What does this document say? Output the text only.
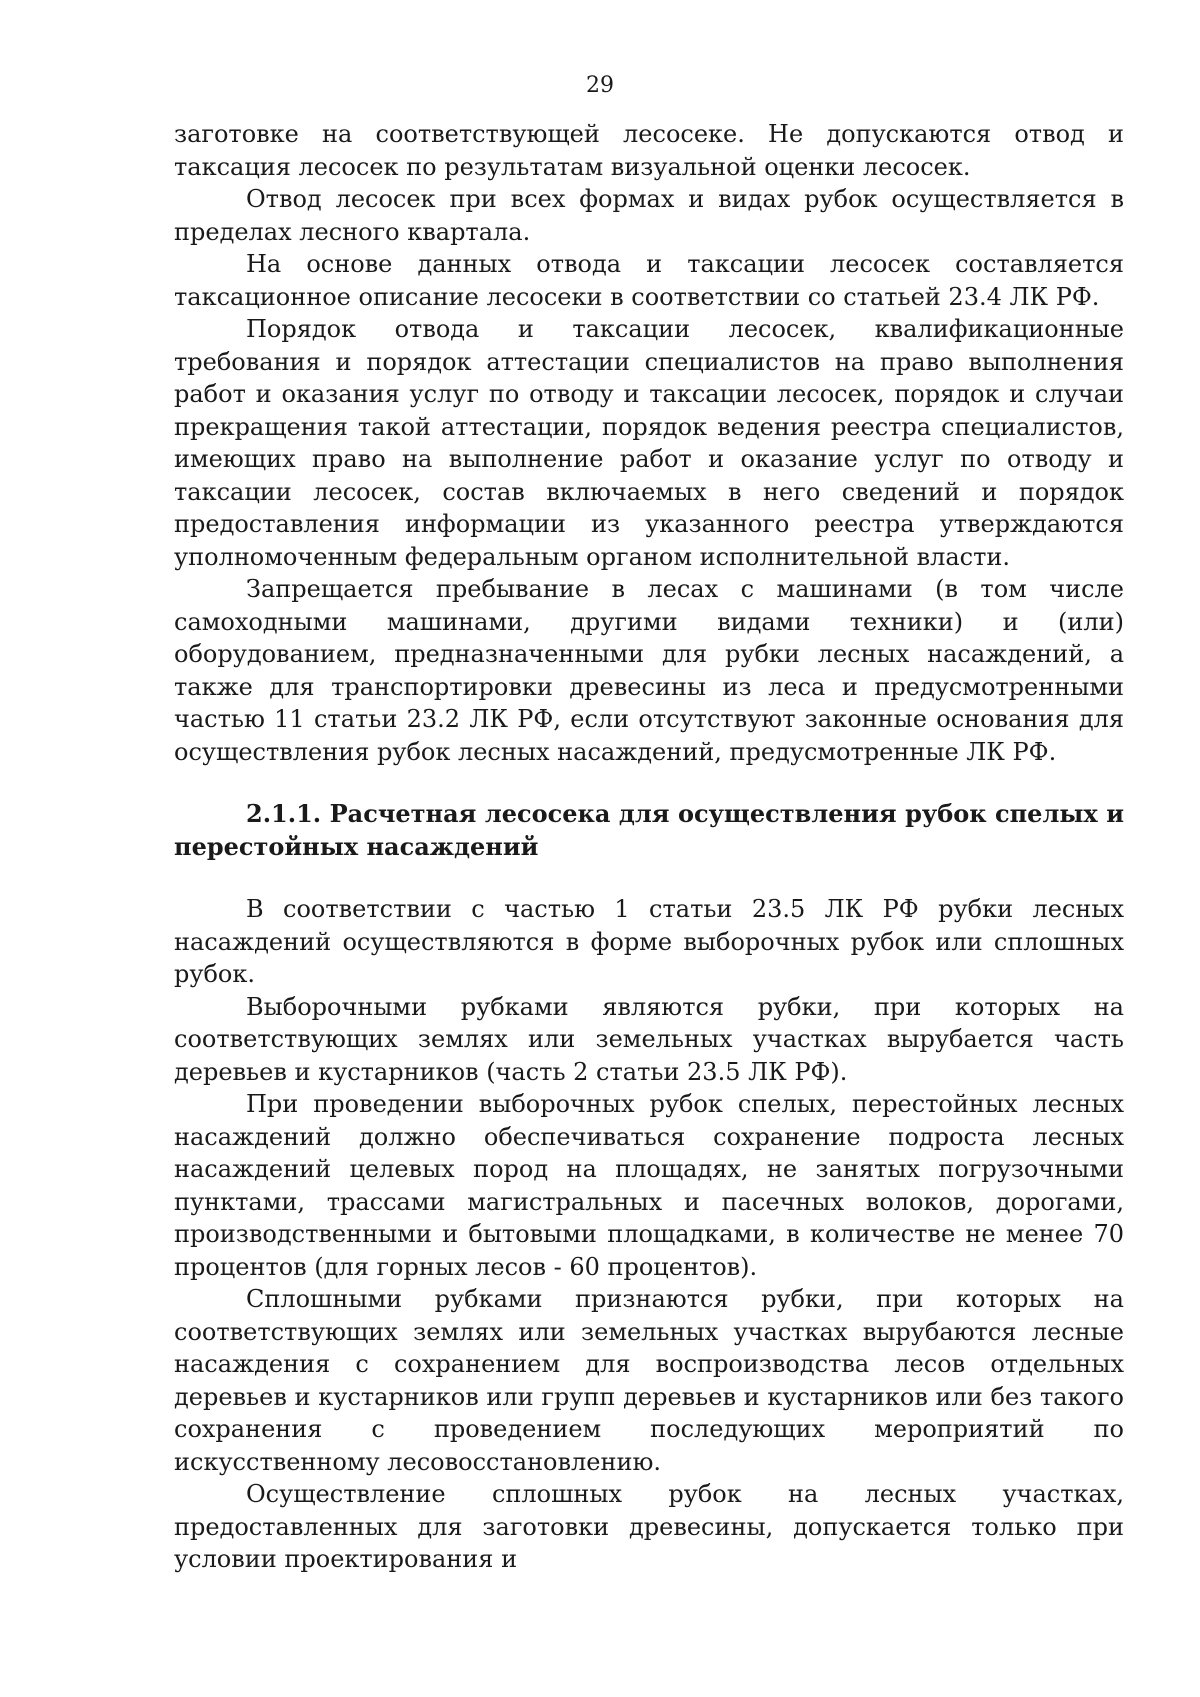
29

заготовке на соответствующей лесосеке. Не допускаются отвод и таксация лесосек по результатам визуальной оценки лесосек.

Отвод лесосек при всех формах и видах рубок осуществляется в пределах лесного квартала.

На основе данных отвода и таксации лесосек составляется таксационное описание лесосеки в соответствии со статьей 23.4 ЛК РФ.

Порядок отвода и таксации лесосек, квалификационные требования и порядок аттестации специалистов на право выполнения работ и оказания услуг по отводу и таксации лесосек, порядок и случаи прекращения такой аттестации, порядок ведения реестра специалистов, имеющих право на выполнение работ и оказание услуг по отводу и таксации лесосек, состав включаемых в него сведений и порядок предоставления информации из указанного реестра утверждаются уполномоченным федеральным органом исполнительной власти.

Запрещается пребывание в лесах с машинами (в том числе самоходными машинами, другими видами техники) и (или) оборудованием, предназначенными для рубки лесных насаждений, а также для транспортировки древесины из леса и предусмотренными частью 11 статьи 23.2 ЛК РФ, если отсутствуют законные основания для осуществления рубок лесных насаждений, предусмотренные ЛК РФ.

2.1.1. Расчетная лесосека для осуществления рубок спелых и перестойных насаждений

В соответствии с частью 1 статьи 23.5 ЛК РФ рубки лесных насаждений осуществляются в форме выборочных рубок или сплошных рубок.

Выборочными рубками являются рубки, при которых на соответствующих землях или земельных участках вырубается часть деревьев и кустарников (часть 2 статьи 23.5 ЛК РФ).

При проведении выборочных рубок спелых, перестойных лесных насаждений должно обеспечиваться сохранение подроста лесных насаждений целевых пород на площадях, не занятых погрузочными пунктами, трассами магистральных и пасечных волоков, дорогами, производственными и бытовыми площадками, в количестве не менее 70 процентов (для горных лесов - 60 процентов).

Сплошными рубками признаются рубки, при которых на соответствующих землях или земельных участках вырубаются лесные насаждения с сохранением для воспроизводства лесов отдельных деревьев и кустарников или групп деревьев и кустарников или без такого сохранения с проведением последующих мероприятий по искусственному лесовосстановлению.

Осуществление сплошных рубок на лесных участках, предоставленных для заготовки древесины, допускается только при условии проектирования и
